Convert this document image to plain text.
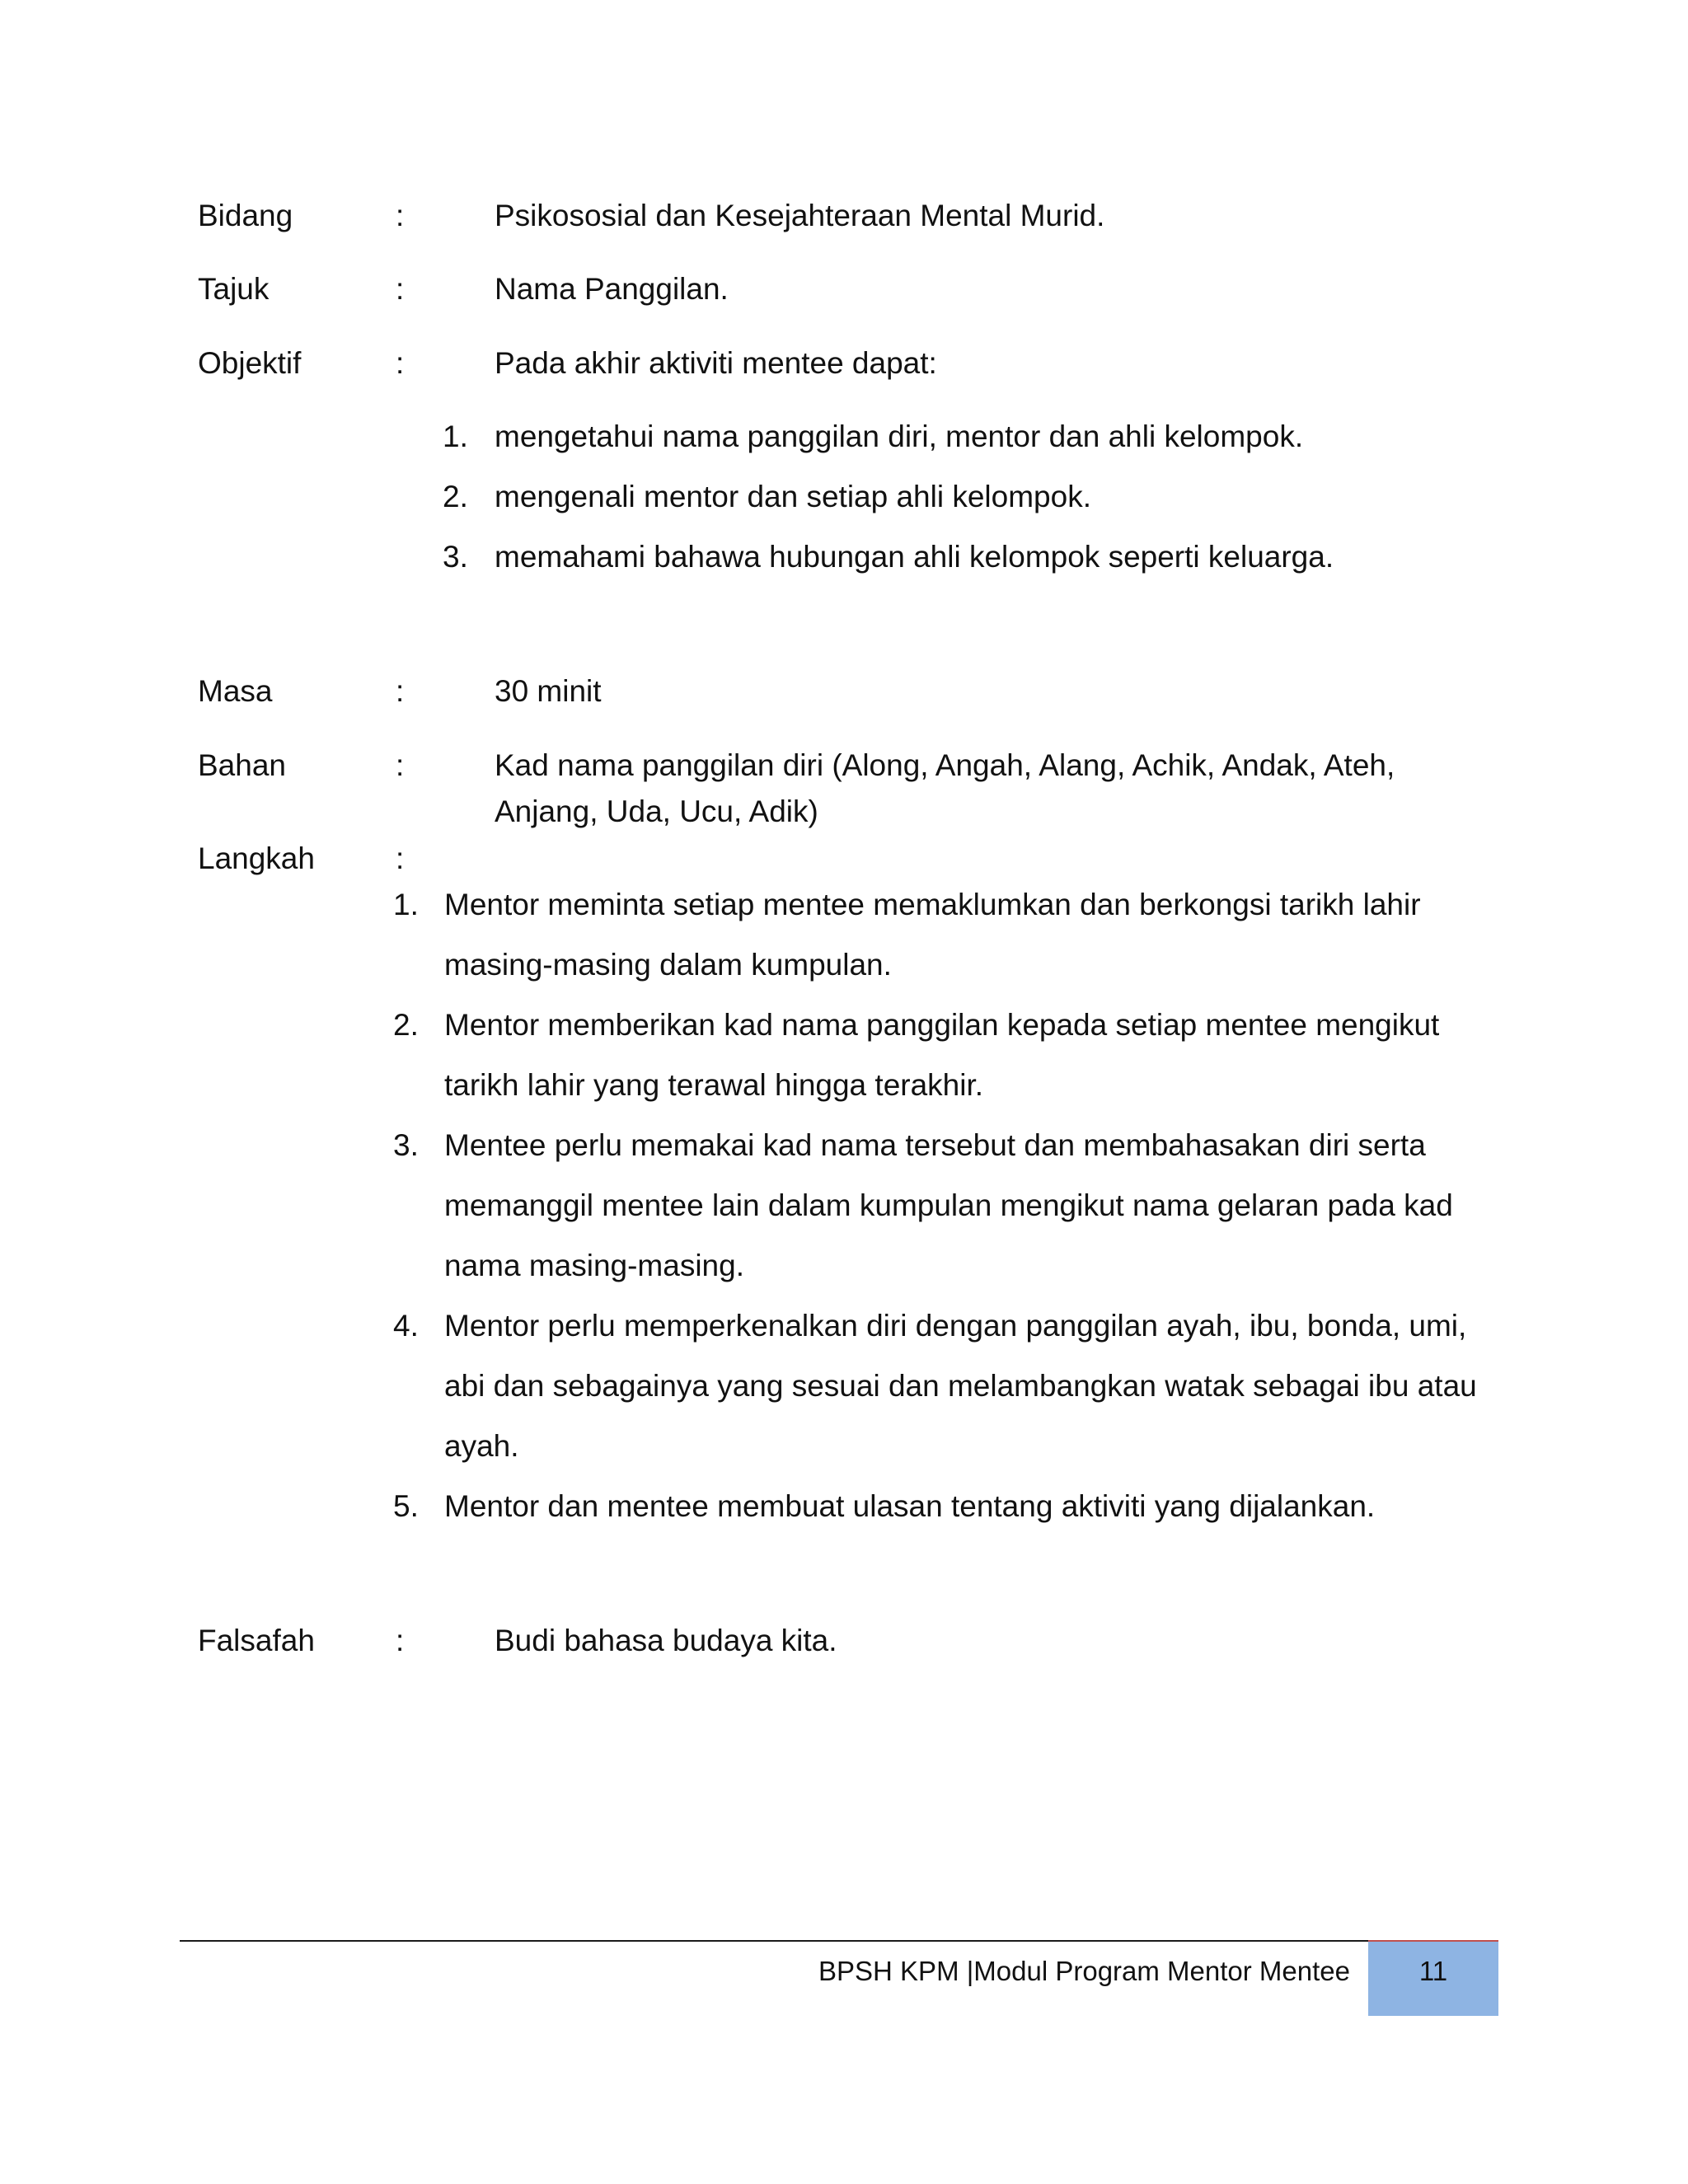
Bidang	:	Psikososial dan Kesejahteraan Mental Murid.
Tajuk	:	Nama Panggilan.
Objektif	:	Pada akhir aktiviti mentee dapat:
1. mengetahui nama panggilan diri, mentor dan ahli kelompok.
2. mengenali mentor dan setiap ahli kelompok.
3. memahami bahawa hubungan ahli kelompok seperti keluarga.
Masa	:	30 minit
Bahan	:	Kad nama panggilan diri (Along, Angah, Alang, Achik, Andak, Ateh,
Anjang, Uda, Ucu, Adik)
Langkah	:
1. Mentor meminta setiap mentee memaklumkan dan berkongsi tarikh lahir
masing-masing dalam kumpulan.
2. Mentor memberikan kad nama panggilan kepada setiap mentee mengikut
tarikh lahir yang terawal hingga terakhir.
3. Mentee perlu memakai kad nama tersebut dan membahasakan diri serta
memanggil mentee lain dalam kumpulan mengikut nama gelaran pada kad
nama masing-masing.
4. Mentor perlu memperkenalkan diri dengan panggilan ayah, ibu, bonda, umi,
abi dan sebagainya yang sesuai dan melambangkan watak sebagai ibu atau
ayah.
5. Mentor dan mentee membuat ulasan tentang aktiviti yang dijalankan.
Falsafah	:	Budi bahasa budaya kita.
BPSH KPM |Modul Program Mentor Mentee	11
